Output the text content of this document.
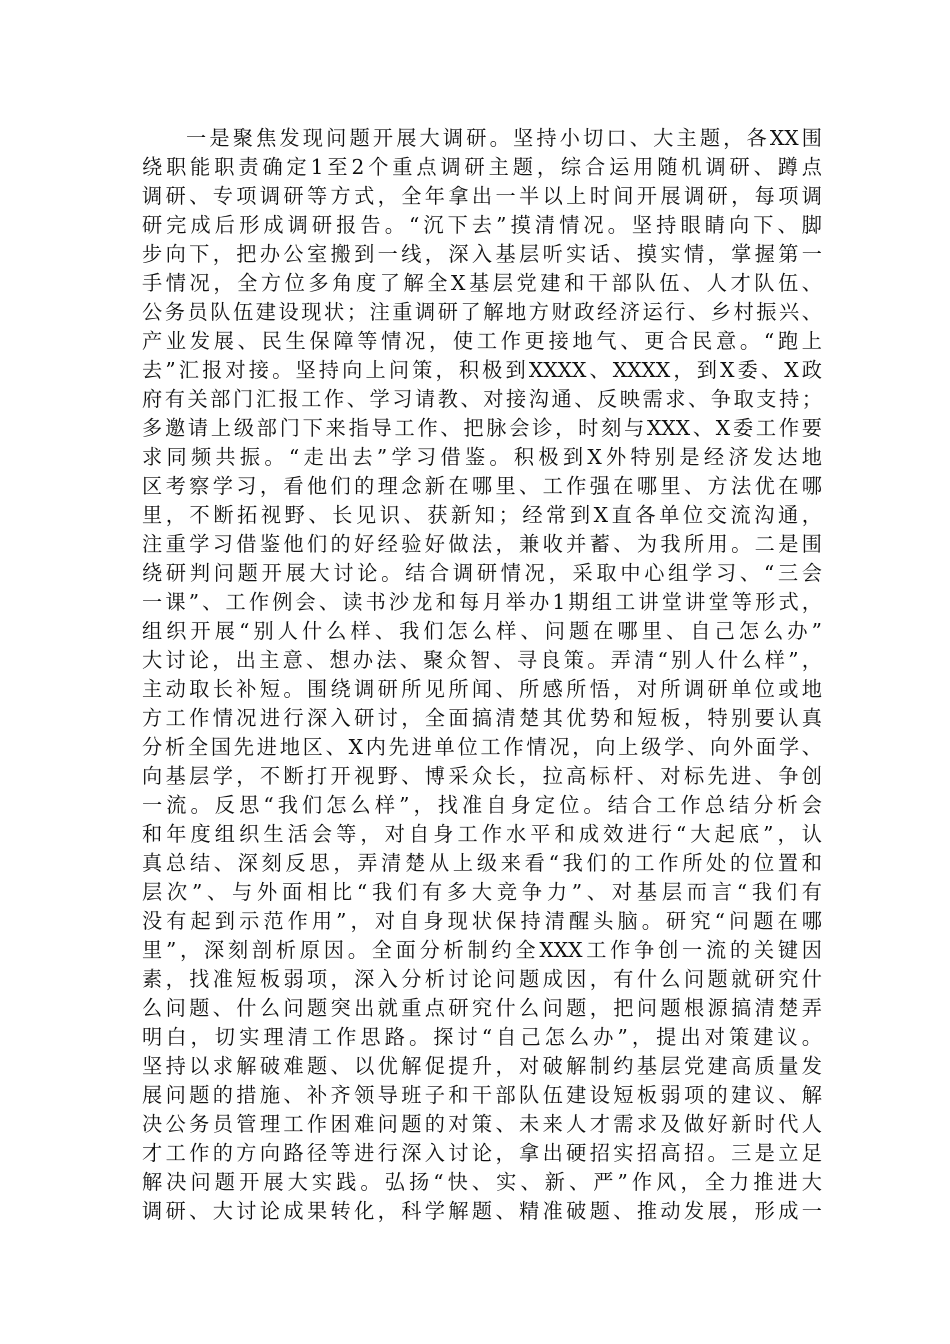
一是聚焦发现问题开展大调研。坚持小切口、大主题，各XX围

绕职能职责确定1至2个重点调研主题，综合运用随机调研、蹲点

调研、专项调研等方式，全年拿出一半以上时间开展调研，每项调

研完成后形成调研报告。“沉下去”摸清情况。坚持眼睛向下、脚

步向下，把办公室搬到一线，深入基层听实话、摸实情，掌握第一

手情况，全方位多角度了解全X基层党建和干部队伍、人才队伍、

公务员队伍建设现状；注重调研了解地方财政经济运行、乡村振兴、

产业发展、民生保障等情况，使工作更接地气、更合民意。“跑上

去”汇报对接。坚持向上问策，积极到XXXX、XXXX，到X委、X政

府有关部门汇报工作、学习请教、对接沟通、反映需求、争取支持；

多邀请上级部门下来指导工作、把脉会诊，时刻与XXX、X委工作要

求同频共振。“走出去”学习借鉴。积极到X外特别是经济发达地

区考察学习，看他们的理念新在哪里、工作强在哪里、方法优在哪

里，不断拓视野、长见识、获新知；经常到X直各单位交流沟通，

注重学习借鉴他们的好经验好做法，兼收并蓄、为我所用。二是围

绕研判问题开展大讨论。结合调研情况，采取中心组学习、“三会

一课”、工作例会、读书沙龙和每月举办1期组工讲堂讲堂等形式，

组织开展“别人什么样、我们怎么样、问题在哪里、自己怎么办”

大讨论，出主意、想办法、聚众智、寻良策。弄清“别人什么样”，

主动取长补短。围绕调研所见所闻、所感所悟，对所调研单位或地

方工作情况进行深入研讨，全面搞清楚其优势和短板，特别要认真

分析全国先进地区、X内先进单位工作情况，向上级学、向外面学、

向基层学，不断打开视野、博采众长，拉高标杆、对标先进、争创

一流。反思“我们怎么样”，找准自身定位。结合工作总结分析会

和年度组织生活会等，对自身工作水平和成效进行“大起底”，认

真总结、深刻反思，弄清楚从上级来看“我们的工作所处的位置和

层次”、与外面相比“我们有多大竞争力”、对基层而言“我们有

没有起到示范作用”，对自身现状保持清醒头脑。研究“问题在哪

里”，深刻剖析原因。全面分析制约全XXX工作争创一流的关键因

素，找准短板弱项，深入分析讨论问题成因，有什么问题就研究什

么问题、什么问题突出就重点研究什么问题，把问题根源搞清楚弄

明白，切实理清工作思路。探讨“自己怎么办”，提出对策建议。

坚持以求解破难题、以优解促提升，对破解制约基层党建高质量发

展问题的措施、补齐领导班子和干部队伍建设短板弱项的建议、解

决公务员管理工作困难问题的对策、未来人才需求及做好新时代人

才工作的方向路径等进行深入讨论，拿出硬招实招高招。三是立足

解决问题开展大实践。弘扬“快、实、新、严”作风，全力推进大

调研、大讨论成果转化，科学解题、精准破题、推动发展，形成一
